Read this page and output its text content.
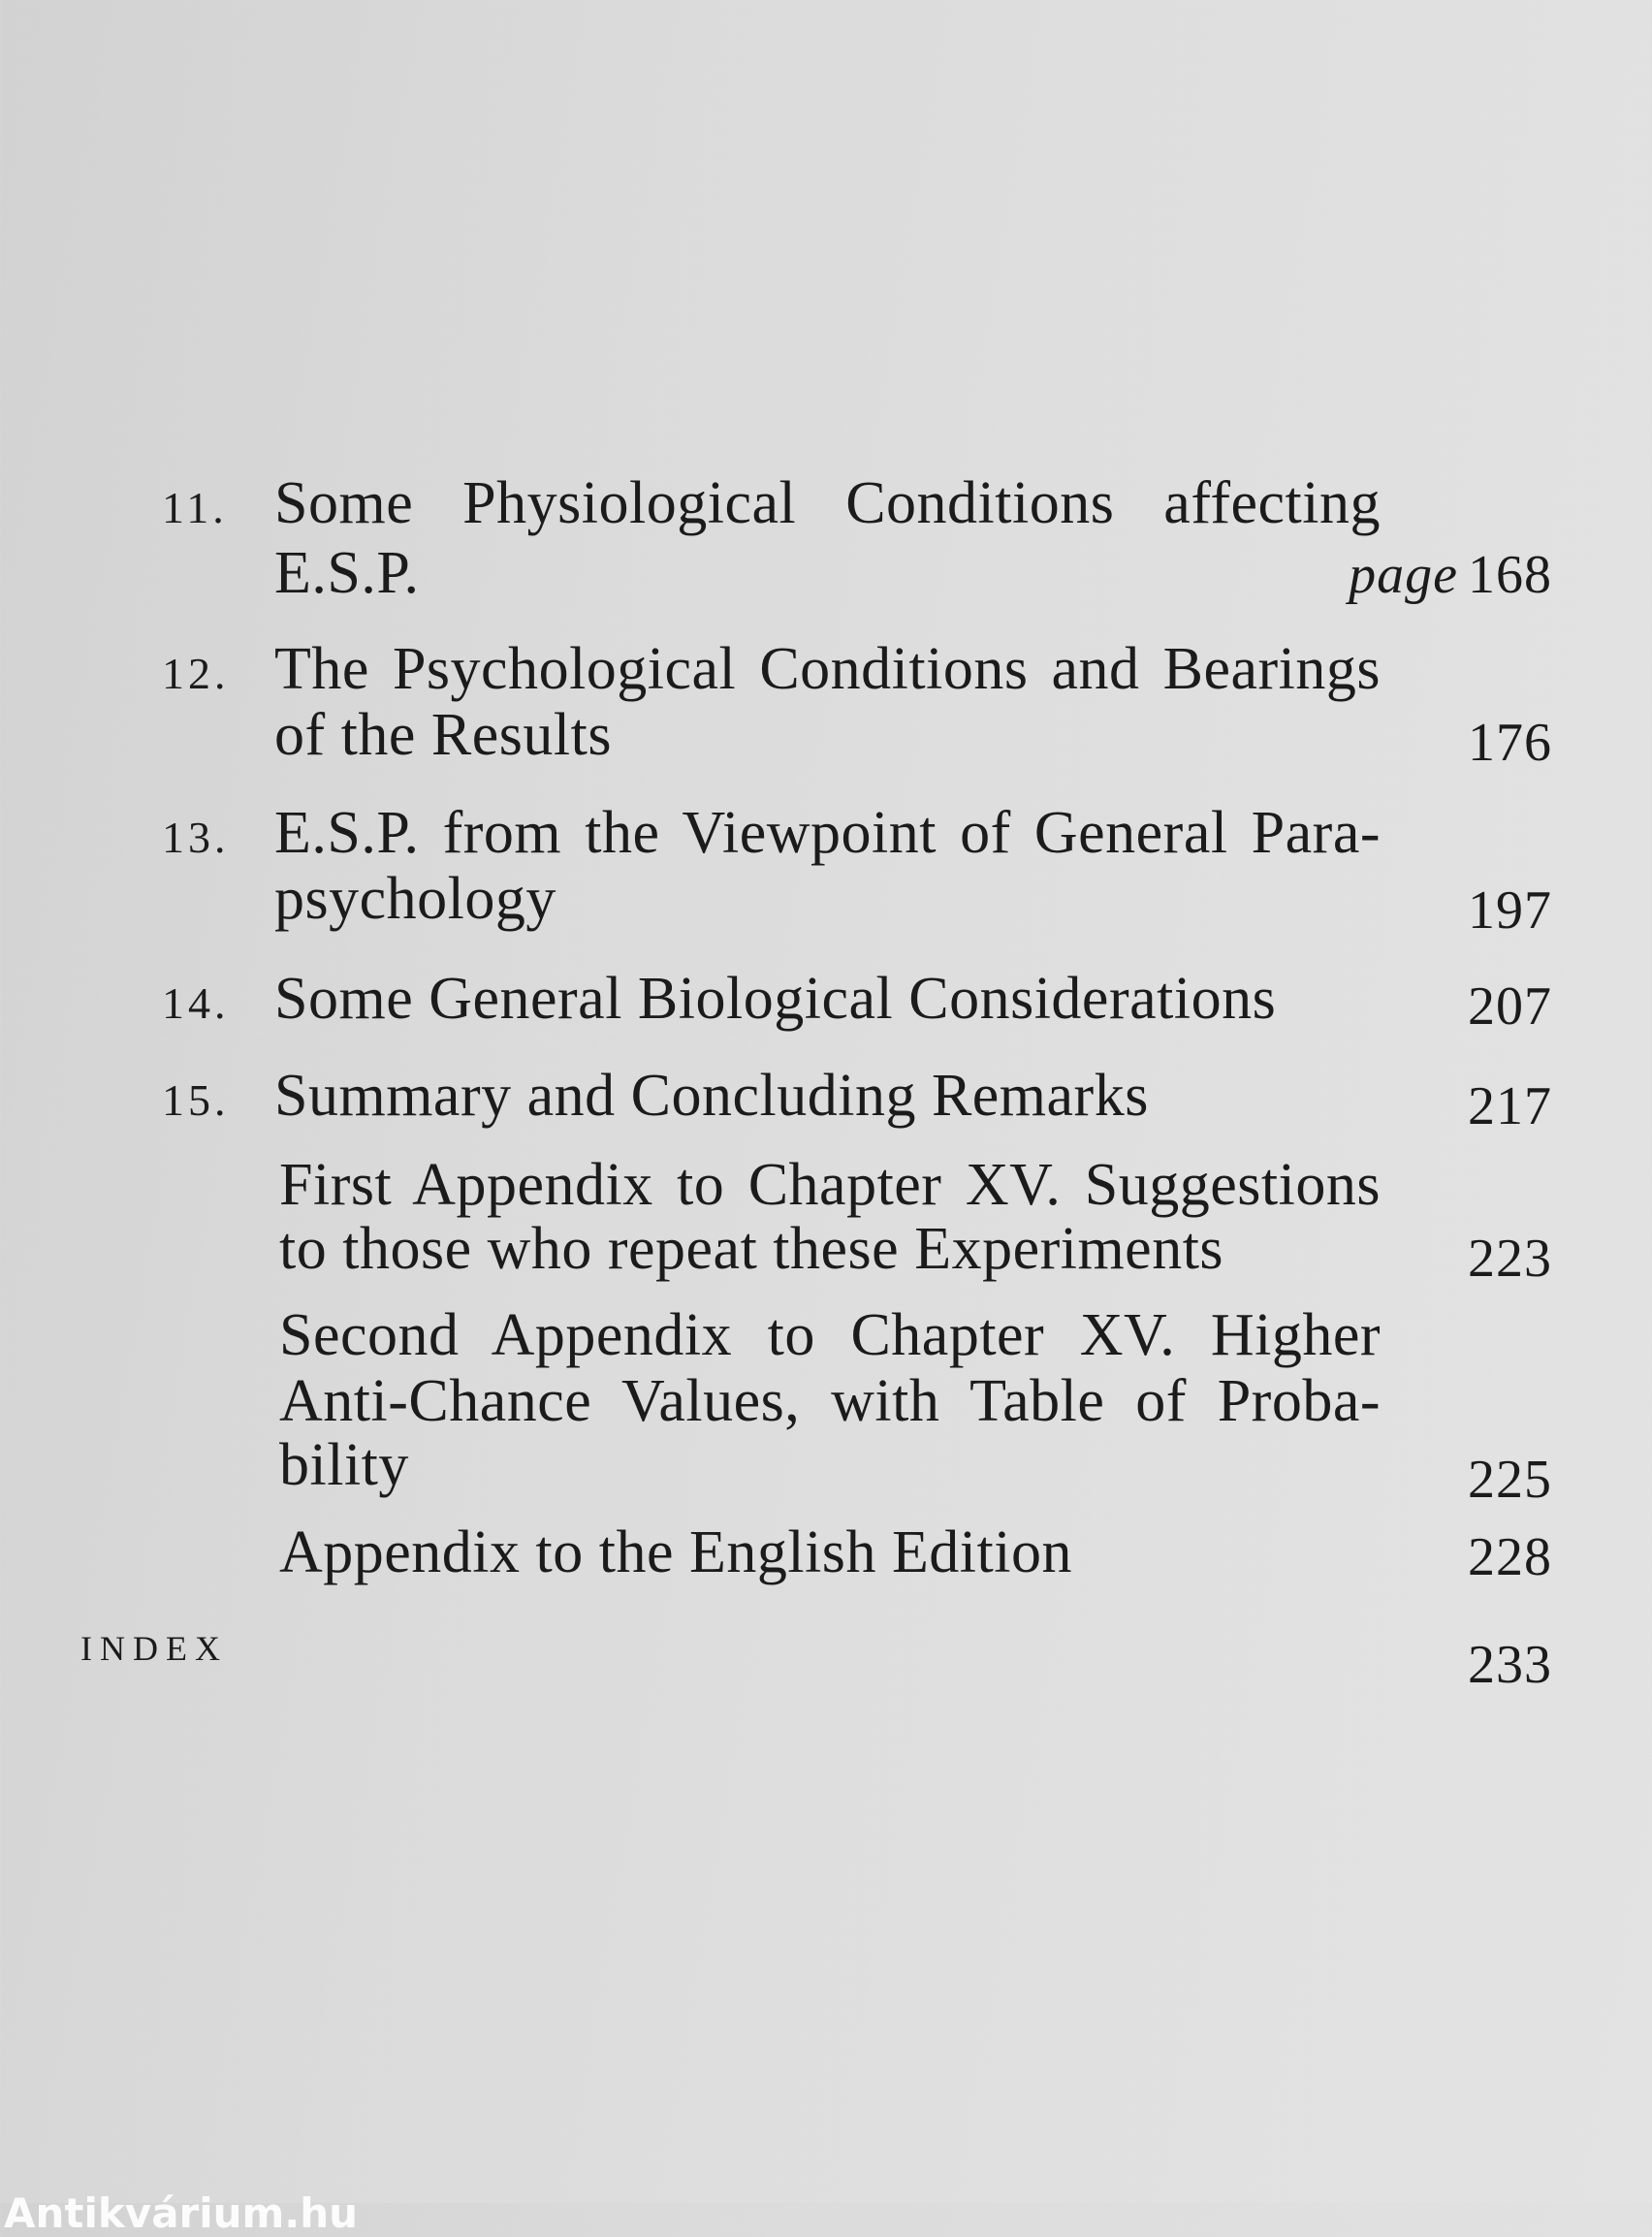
11. Some Physiological Conditions affecting
E.S.P.	page 168
12. The Psychological Conditions and Bearings
of the Results	176
13. E.S.P. from the Viewpoint of General Para-
psychology	197
14. Some General Biological Considerations	207
15. Summary and Concluding Remarks	217
First Appendix to Chapter XV. Suggestions
to those who repeat these Experiments	223
Second Appendix to Chapter XV. Higher
Anti-Chance Values, with Table of Proba-
bility	225
Appendix to the English Edition	228
INDEX	233
Antikvárium.hu
